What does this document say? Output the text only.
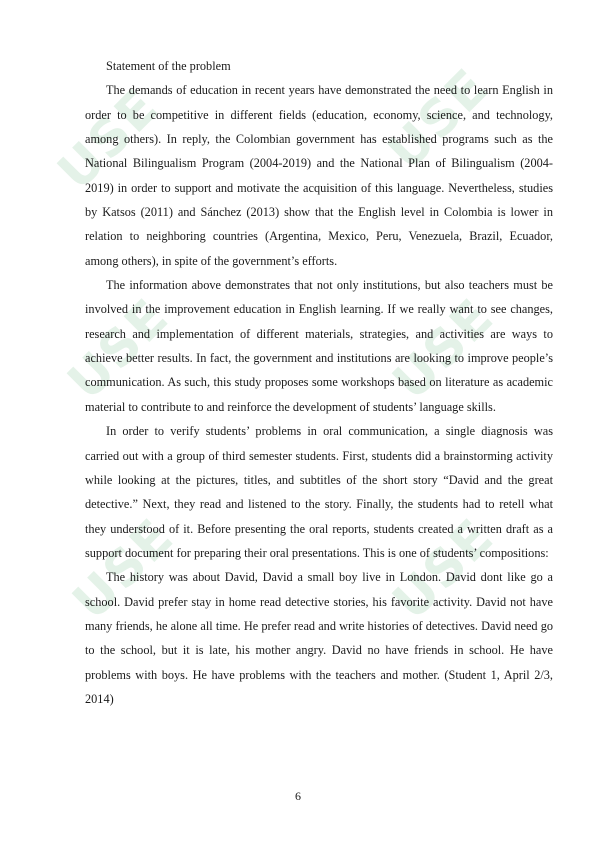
USE	USE
USE	USE
USE	USE
Statement of the problem

The demands of education in recent years have demonstrated the need to learn English in order to be competitive in different fields (education, economy, science, and technology, among others). In reply, the Colombian government has established programs such as the National Bilingualism Program (2004-2019) and the National Plan of Bilingualism (2004-2019) in order to support and motivate the acquisition of this language. Nevertheless, studies by Katsos (2011) and Sánchez (2013) show that the English level in Colombia is lower in relation to neighboring countries (Argentina, Mexico, Peru, Venezuela, Brazil, Ecuador, among others), in spite of the government’s efforts.

The information above demonstrates that not only institutions, but also teachers must be involved in the improvement education in English learning. If we really want to see changes, research and implementation of different materials, strategies, and activities are ways to achieve better results. In fact, the government and institutions are looking to improve people’s communication. As such, this study proposes some workshops based on literature as academic material to contribute to and reinforce the development of students’ language skills.

In order to verify students’ problems in oral communication, a single diagnosis was carried out with a group of third semester students. First, students did a brainstorming activity while looking at the pictures, titles, and subtitles of the short story “David and the great detective.” Next, they read and listened to the story. Finally, the students had to retell what they understood of it. Before presenting the oral reports, students created a written draft as a support document for preparing their oral presentations. This is one of students’ compositions:

The history was about David, David a small boy live in London. David dont like go a school. David prefer stay in home read detective stories, his favorite activity. David not have many friends, he alone all time. He prefer read and write histories of detectives. David need go to the school, but it is late, his mother angry. David no have friends in school. He have problems with boys. He have problems with the teachers and mother. (Student 1, April 2/3, 2014)

6
